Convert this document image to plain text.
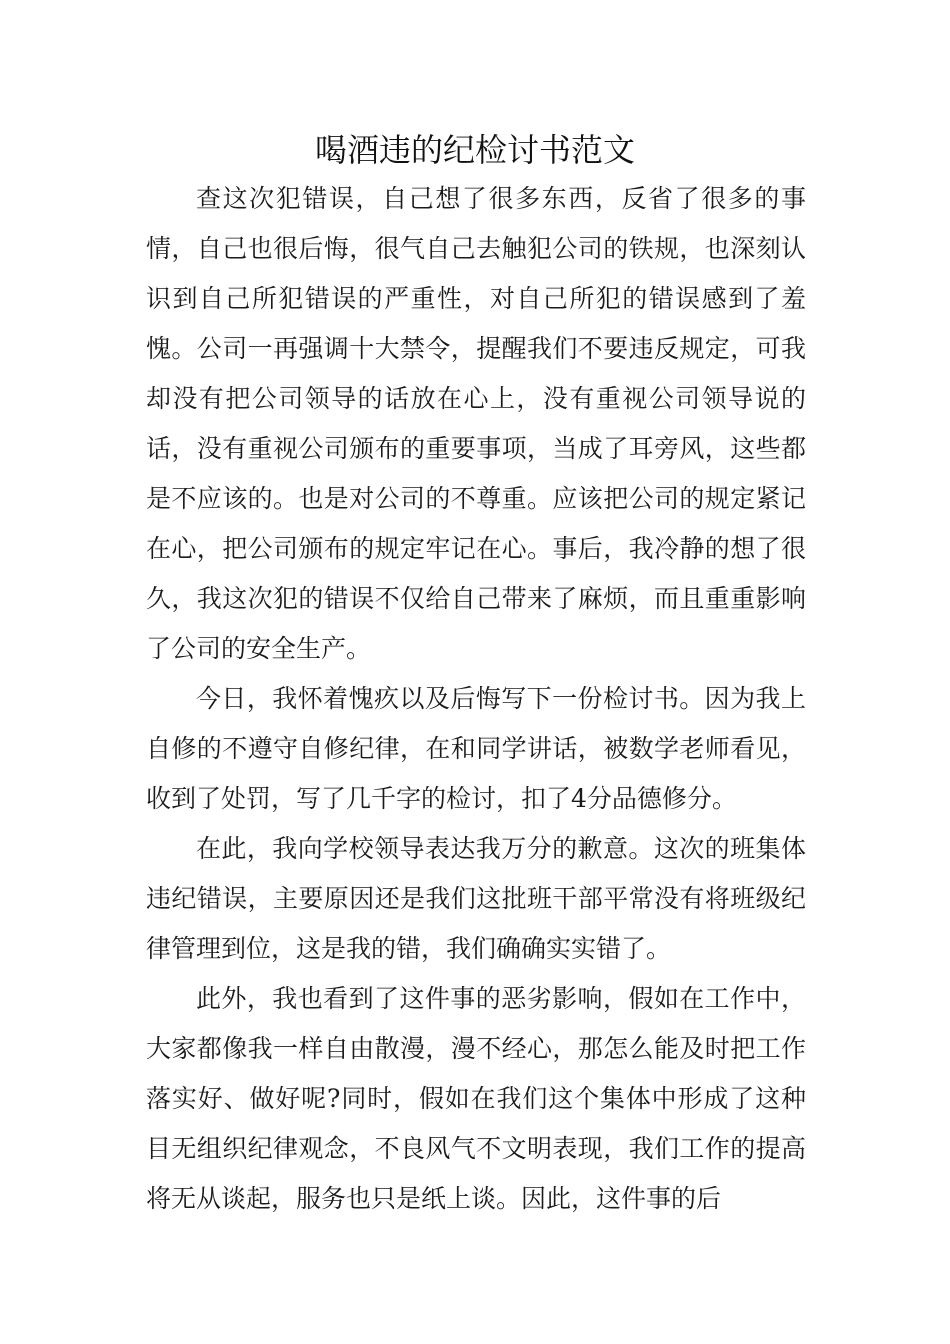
喝酒违的纪检讨书范文

查这次犯错误，自己想了很多东西，反省了很多的事情，自己也很后悔，很气自己去触犯公司的铁规，也深刻认识到自己所犯错误的严重性，对自己所犯的错误感到了羞愧。公司一再强调十大禁令，提醒我们不要违反规定，可我却没有把公司领导的话放在心上，没有重视公司领导说的话，没有重视公司颁布的重要事项，当成了耳旁风，这些都是不应该的。也是对公司的不尊重。应该把公司的规定紧记在心，把公司颁布的规定牢记在心。事后，我冷静的想了很久，我这次犯的错误不仅给自己带来了麻烦，而且重重影响了公司的安全生产。

今日，我怀着愧疚以及后悔写下一份检讨书。因为我上自修的不遵守自修纪律，在和同学讲话，被数学老师看见，收到了处罚，写了几千字的检讨，扣了4分品德修分。

在此，我向学校领导表达我万分的歉意。这次的班集体违纪错误，主要原因还是我们这批班干部平常没有将班级纪律管理到位，这是我的错，我们确确实实错了。

此外，我也看到了这件事的恶劣影响，假如在工作中，大家都像我一样自由散漫，漫不经心，那怎么能及时把工作落实好、做好呢?同时，假如在我们这个集体中形成了这种目无组织纪律观念，不良风气不文明表现，我们工作的提高将无从谈起，服务也只是纸上谈。因此，这件事的后
